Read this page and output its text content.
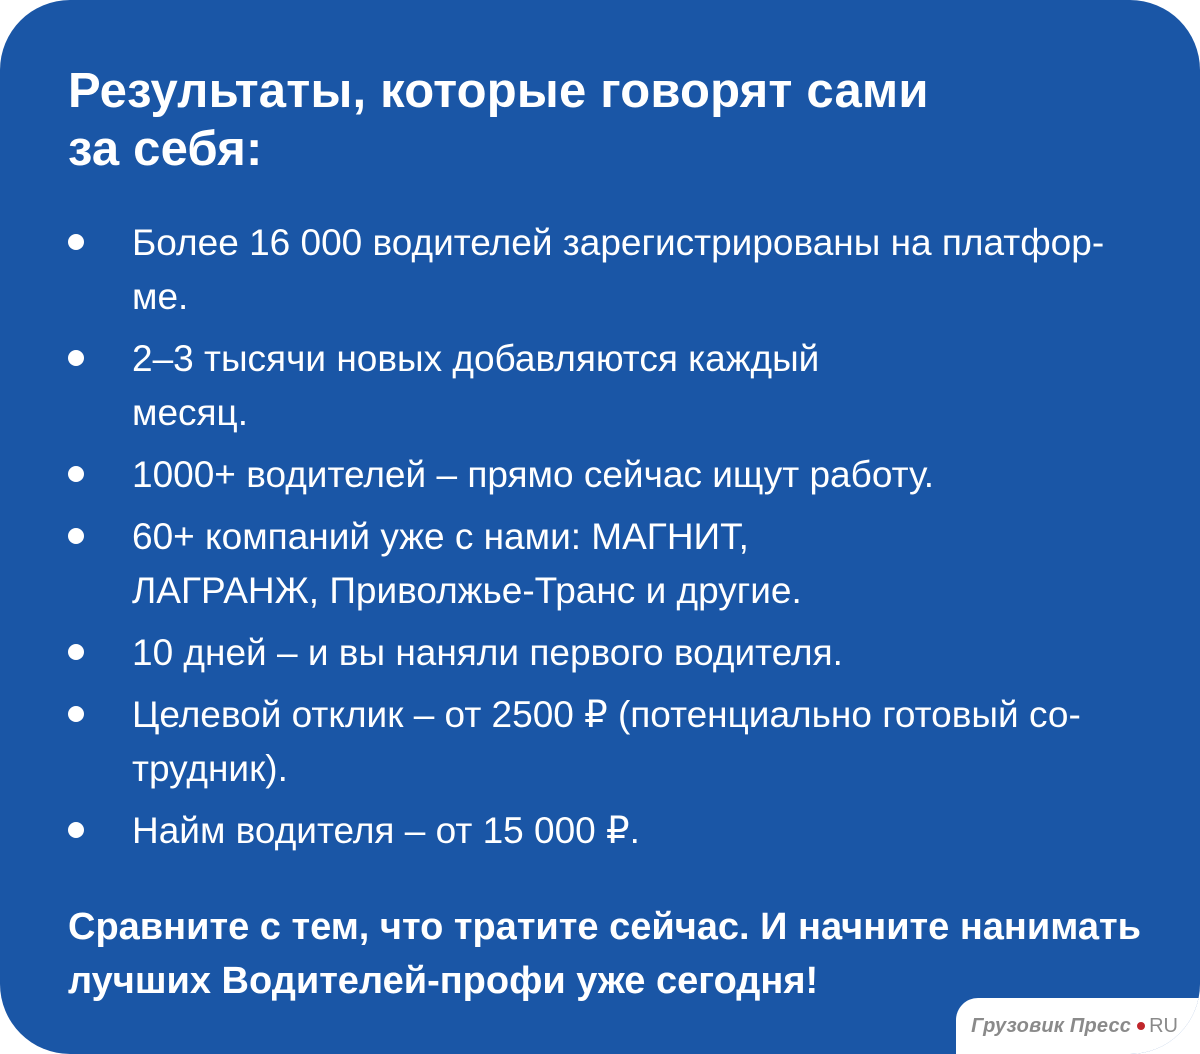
Результаты, которые говорят сами
за себя:
Более 16 000 водителей зарегистрированы на платфор-
ме.
2–3 тысячи новых добавляются каждый
месяц.
1000+ водителей – прямо сейчас ищут работу.
60+ компаний уже с нами: МАГНИТ,
ЛАГРАНЖ, Приволжье-Транс и другие.
10 дней – и вы наняли первого водителя.
Целевой отклик – от 2500 ₽ (потенциально готовый со-
трудник).
Найм водителя – от 15 000 ₽.

Сравните с тем, что тратите сейчас. И начните нанимать
лучших Водителей-профи уже сегодня!

Грузовик Пресс RU
